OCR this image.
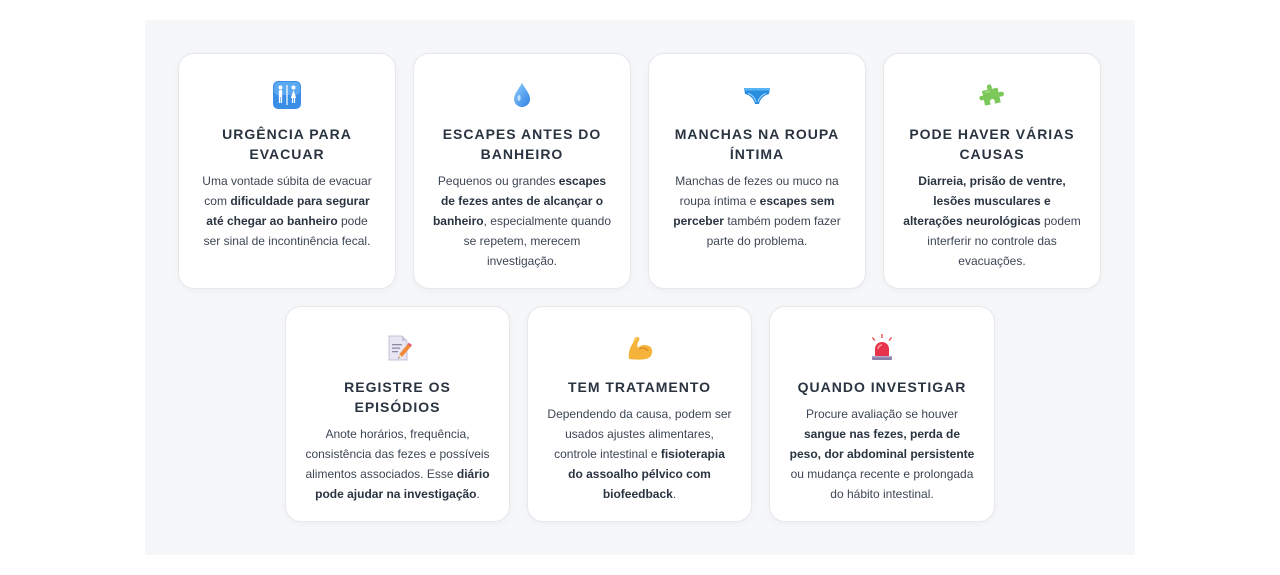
URGÊNCIA PARA EVACUAR
Uma vontade súbita de evacuar com dificuldade para segurar até chegar ao banheiro pode ser sinal de incontinência fecal.
ESCAPES ANTES DO BANHEIRO
Pequenos ou grandes escapes de fezes antes de alcançar o banheiro, especialmente quando se repetem, merecem investigação.
MANCHAS NA ROUPA ÍNTIMA
Manchas de fezes ou muco na roupa íntima e escapes sem perceber também podem fazer parte do problema.
PODE HAVER VÁRIAS CAUSAS
Diarreia, prisão de ventre, lesões musculares e alterações neurológicas podem interferir no controle das evacuações.
REGISTRE OS EPISÓDIOS
Anote horários, frequência, consistência das fezes e possíveis alimentos associados. Esse diário pode ajudar na investigação.
TEM TRATAMENTO
Dependendo da causa, podem ser usados ajustes alimentares, controle intestinal e fisioterapia do assoalho pélvico com biofeedback.
QUANDO INVESTIGAR
Procure avaliação se houver sangue nas fezes, perda de peso, dor abdominal persistente ou mudança recente e prolongada do hábito intestinal.
